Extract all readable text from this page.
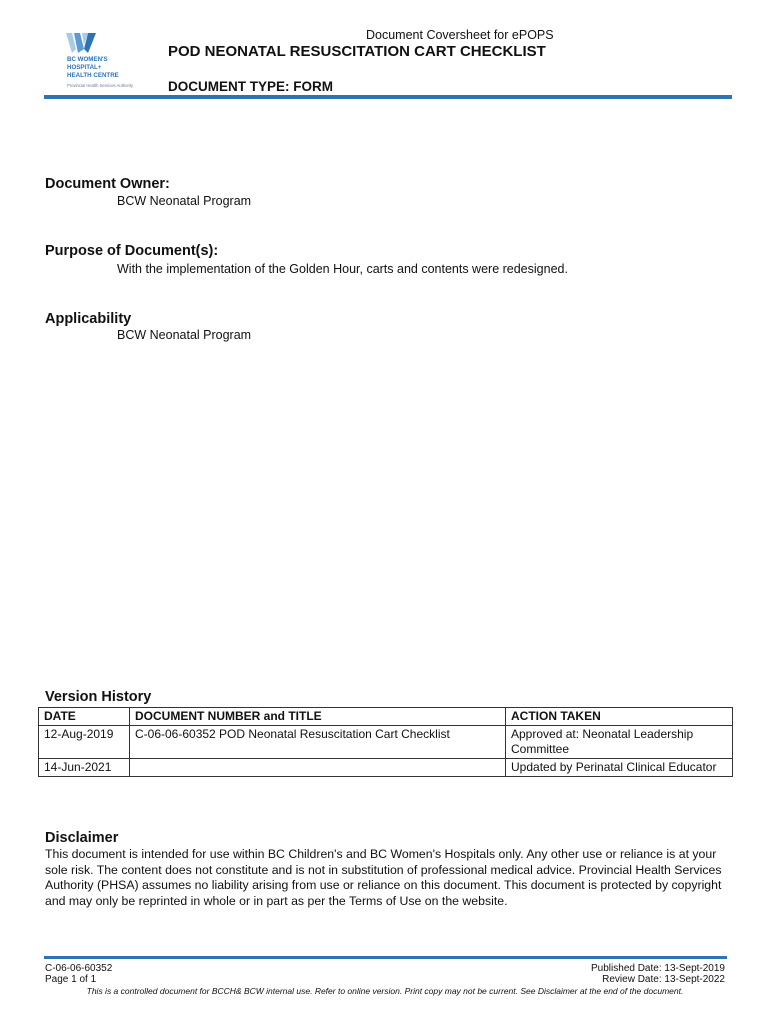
BC WOMEN'S
HOSPITAL+
HEALTH CENTRE
Provincial Health Services Authority
Document Coversheet for ePOPS
POD NEONATAL RESUSCITATION CART CHECKLIST
DOCUMENT TYPE: FORM
Document Owner:
BCW Neonatal Program
Purpose of Document(s):
With the implementation of the Golden Hour, carts and contents were redesigned.
Applicability
BCW Neonatal Program
Version History
DATE	DOCUMENT NUMBER and TITLE	ACTION TAKEN
12-Aug-2019	C-06-06-60352 POD Neonatal Resuscitation Cart Checklist	Approved at: Neonatal Leadership Committee
14-Jun-2021		Updated by Perinatal Clinical Educator
Disclaimer
This document is intended for use within BC Children's and BC Women's Hospitals only. Any other use or reliance is at your sole risk. The content does not constitute and is not in substitution of professional medical advice. Provincial Health Services Authority (PHSA) assumes no liability arising from use or reliance on this document. This document is protected by copyright and may only be reprinted in whole or in part as per the Terms of Use on the website.
C-06-06-60352
Page 1 of 1
Published Date: 13-Sept-2019
Review Date: 13-Sept-2022
This is a controlled document for BCCH& BCW internal use. Refer to online version. Print copy may not be current. See Disclaimer at the end of the document.
